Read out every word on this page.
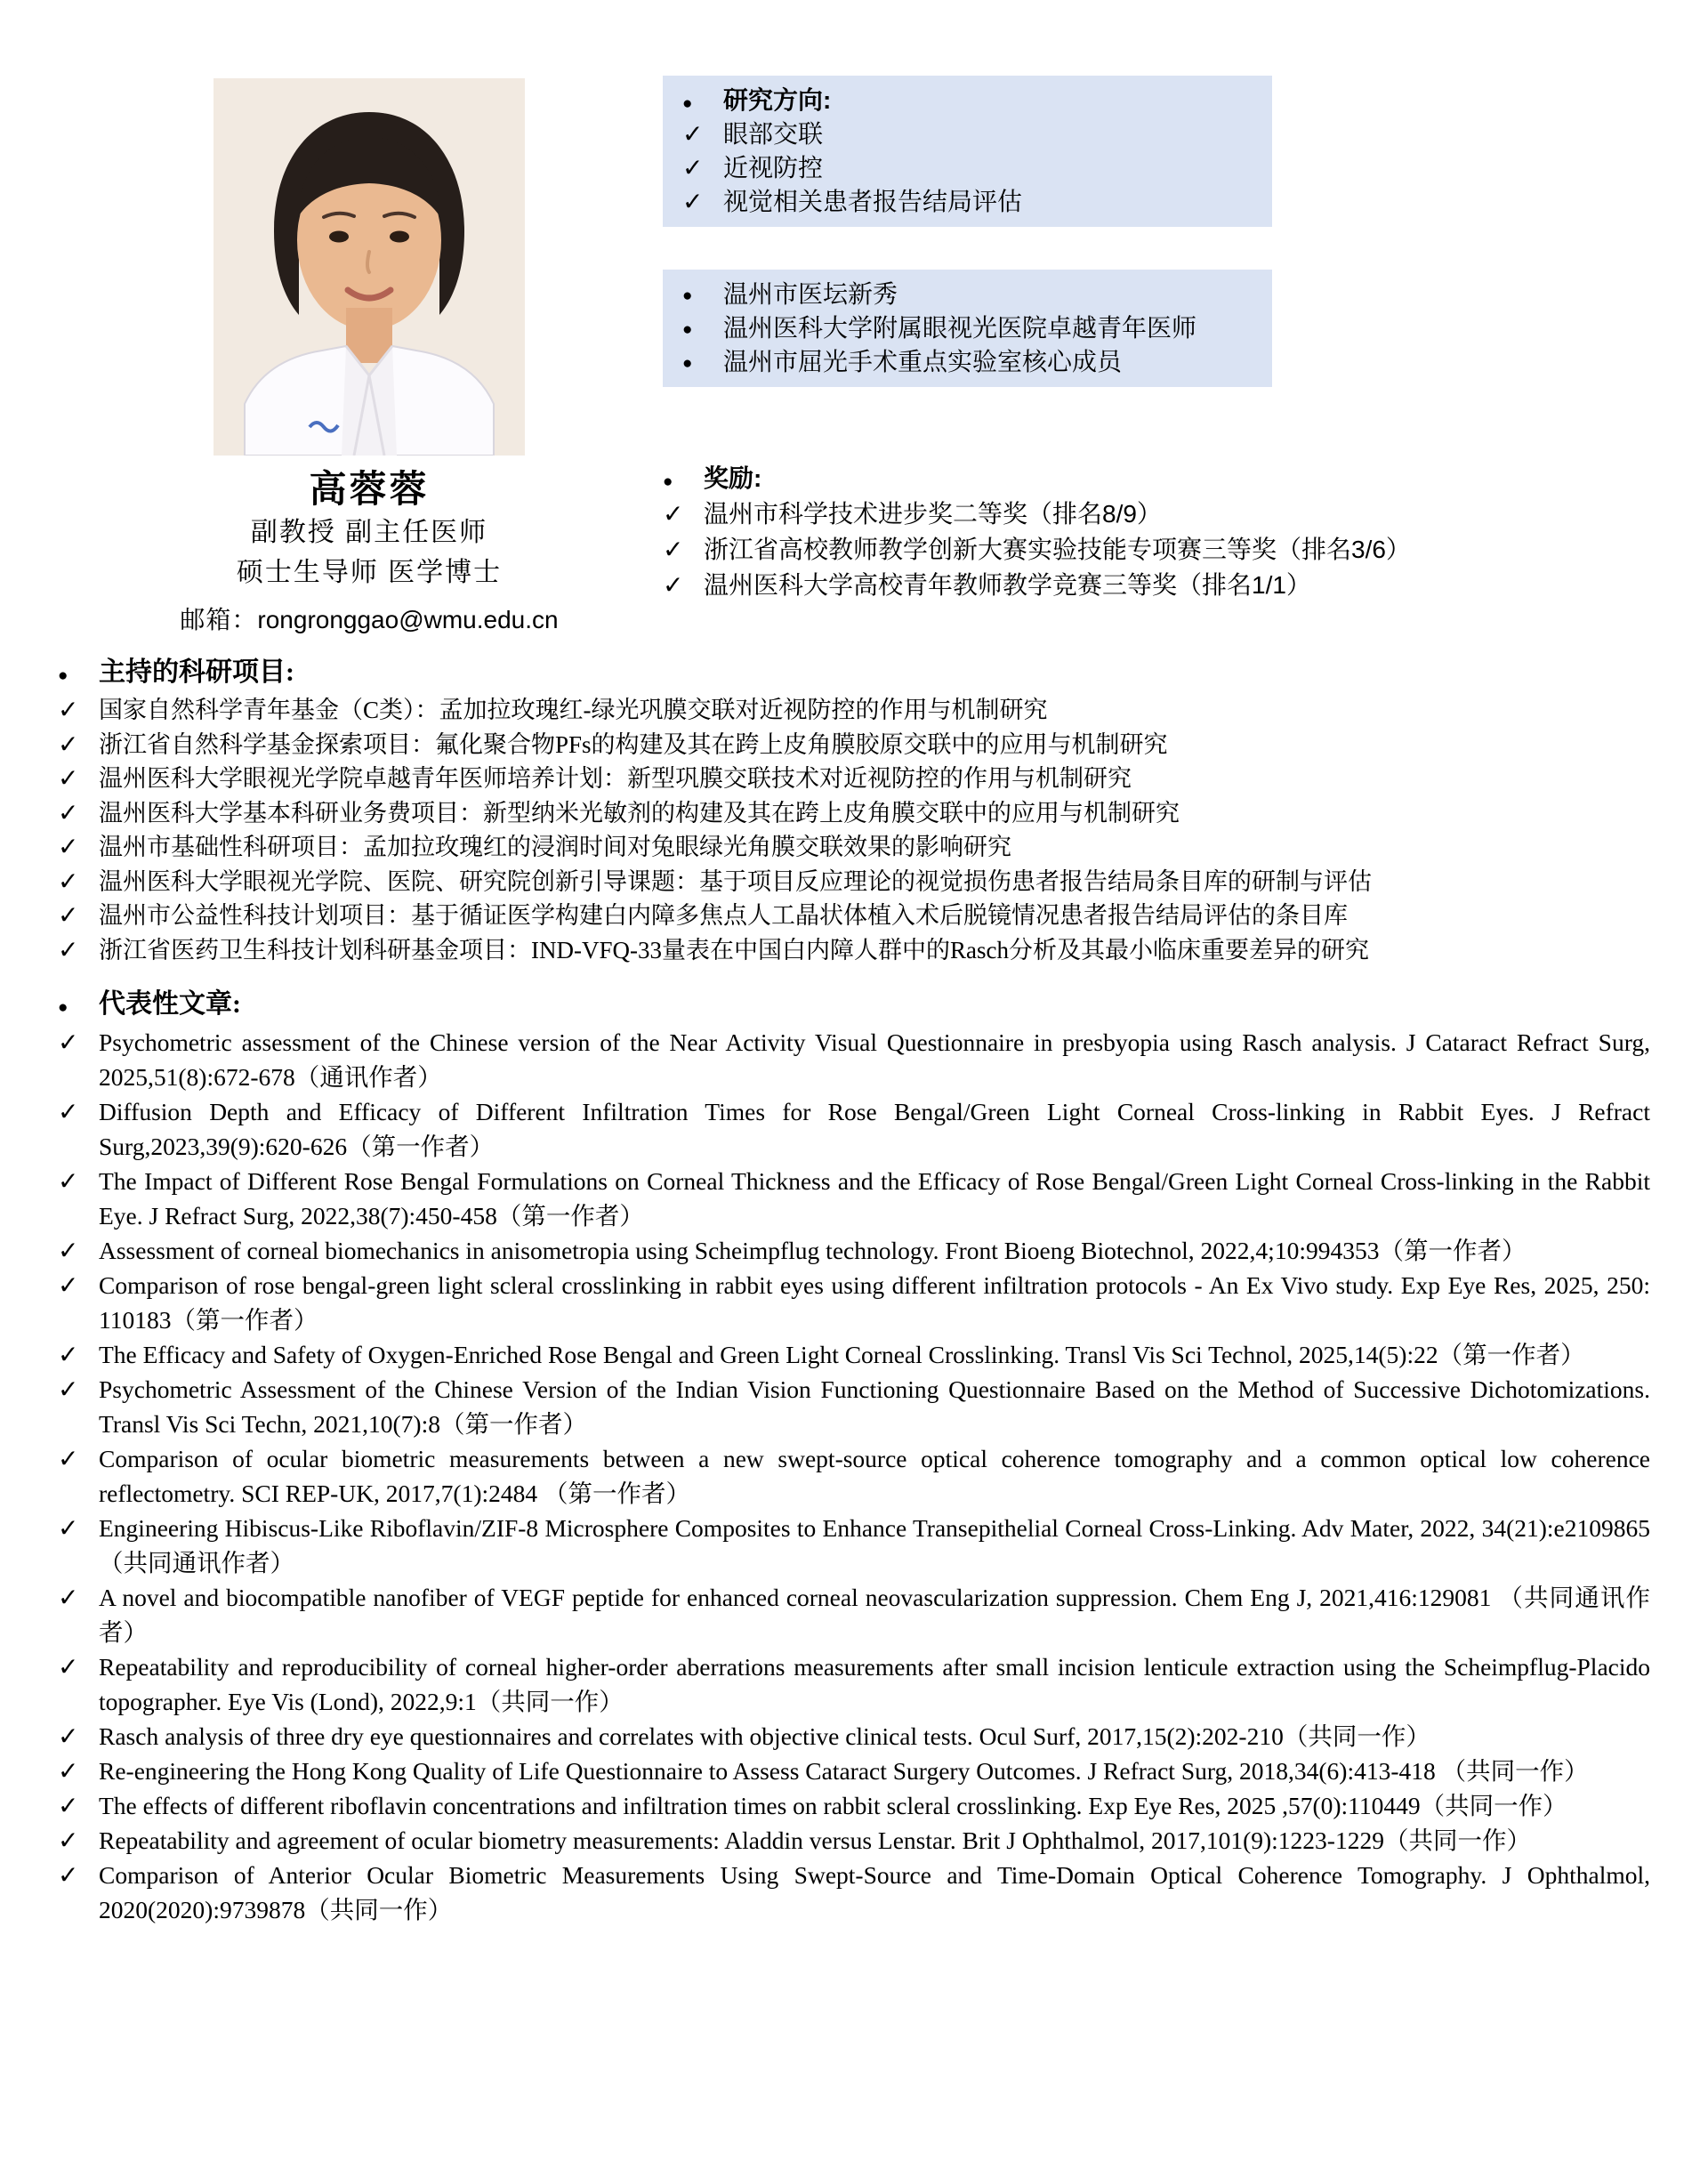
高蓉蓉
副教授 副主任医师
硕士生导师 医学博士
邮箱：rongronggao@wmu.edu.cn
● 研究方向:
✓ 眼部交联
✓ 近视防控
✓ 视觉相关患者报告结局评估
● 温州市医坛新秀
● 温州医科大学附属眼视光医院卓越青年医师
● 温州市屈光手术重点实验室核心成员
● 奖励:
✓ 温州市科学技术进步奖二等奖（排名8/9）
✓ 浙江省高校教师教学创新大赛实验技能专项赛三等奖（排名3/6）
✓ 温州医科大学高校青年教师教学竞赛三等奖（排名1/1）
● 主持的科研项目:
✓ 国家自然科学青年基金（C类）：孟加拉玫瑰红-绿光巩膜交联对近视防控的作用与机制研究
✓ 浙江省自然科学基金探索项目：氟化聚合物PFs的构建及其在跨上皮角膜胶原交联中的应用与机制研究
✓ 温州医科大学眼视光学院卓越青年医师培养计划：新型巩膜交联技术对近视防控的作用与机制研究
✓ 温州医科大学基本科研业务费项目：新型纳米光敏剂的构建及其在跨上皮角膜交联中的应用与机制研究
✓ 温州市基础性科研项目：孟加拉玫瑰红的浸润时间对兔眼绿光角膜交联效果的影响研究
✓ 温州医科大学眼视光学院、医院、研究院创新引导课题：基于项目反应理论的视觉损伤患者报告结局条目库的研制与评估
✓ 温州市公益性科技计划项目：基于循证医学构建白内障多焦点人工晶状体植入术后脱镜情况患者报告结局评估的条目库
✓ 浙江省医药卫生科技计划科研基金项目：IND-VFQ-33量表在中国白内障人群中的Rasch分析及其最小临床重要差异的研究
● 代表性文章:
✓ Psychometric assessment of the Chinese version of the Near Activity Visual Questionnaire in presbyopia using Rasch analysis. J Cataract Refract Surg, 2025,51(8):672-678（通讯作者）
✓ Diffusion Depth and Efficacy of Different Infiltration Times for Rose Bengal/Green Light Corneal Cross-linking in Rabbit Eyes. J Refract Surg,2023,39(9):620-626（第一作者）
✓ The Impact of Different Rose Bengal Formulations on Corneal Thickness and the Efficacy of Rose Bengal/Green Light Corneal Cross-linking in the Rabbit Eye. J Refract Surg, 2022,38(7):450-458（第一作者）
✓ Assessment of corneal biomechanics in anisometropia using Scheimpflug technology. Front Bioeng Biotechnol, 2022,4;10:994353（第一作者）
✓ Comparison of rose bengal-green light scleral crosslinking in rabbit eyes using different infiltration protocols - An Ex Vivo study. Exp Eye Res, 2025, 250: 110183（第一作者）
✓ The Efficacy and Safety of Oxygen-Enriched Rose Bengal and Green Light Corneal Crosslinking. Transl Vis Sci Technol, 2025,14(5):22（第一作者）
✓ Psychometric Assessment of the Chinese Version of the Indian Vision Functioning Questionnaire Based on the Method of Successive Dichotomizations. Transl Vis Sci Techn, 2021,10(7):8（第一作者）
✓ Comparison of ocular biometric measurements between a new swept-source optical coherence tomography and a common optical low coherence reflectometry. SCI REP-UK, 2017,7(1):2484 （第一作者）
✓ Engineering Hibiscus-Like Riboflavin/ZIF-8 Microsphere Composites to Enhance Transepithelial Corneal Cross-Linking. Adv Mater, 2022, 34(21):e2109865（共同通讯作者）
✓ A novel and biocompatible nanofiber of VEGF peptide for enhanced corneal neovascularization suppression. Chem Eng J, 2021,416:129081 （共同通讯作者）
✓ Repeatability and reproducibility of corneal higher-order aberrations measurements after small incision lenticule extraction using the Scheimpflug-Placido topographer. Eye Vis (Lond), 2022,9:1（共同一作）
✓ Rasch analysis of three dry eye questionnaires and correlates with objective clinical tests. Ocul Surf, 2017,15(2):202-210（共同一作）
✓ Re-engineering the Hong Kong Quality of Life Questionnaire to Assess Cataract Surgery Outcomes. J Refract Surg, 2018,34(6):413-418 （共同一作）
✓ The effects of different riboflavin concentrations and infiltration times on rabbit scleral crosslinking. Exp Eye Res, 2025 ,57(0):110449（共同一作）
✓ Repeatability and agreement of ocular biometry measurements: Aladdin versus Lenstar. Brit J Ophthalmol, 2017,101(9):1223-1229（共同一作）
✓ Comparison of Anterior Ocular Biometric Measurements Using Swept-Source and Time-Domain Optical Coherence Tomography. J Ophthalmol, 2020(2020):9739878（共同一作）
